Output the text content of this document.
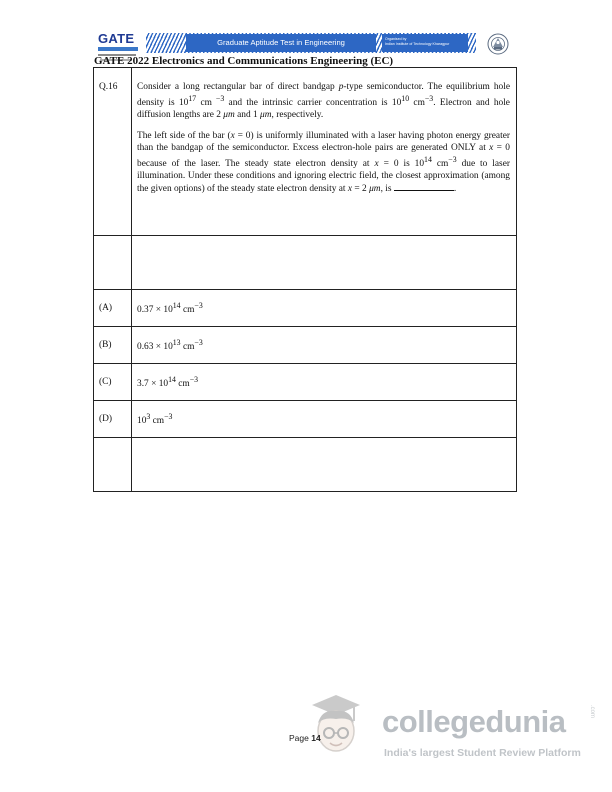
GATE	Graduate Aptitude Test in Engineering	Organised by
Indian Institute of Technology Kharagpur
GATE 2022 Electronics and Communications Engineering (EC)
Q.16	Consider a long rectangular bar of direct bandgap p-type semiconductor. The equilibrium hole density is $10^{17}$ cm $^{-3}$ and the intrinsic carrier concentration is $10^{10}$ $cm^{-3}$. Electron and hole diffusion lengths are 2 μm and 1 μm, respectively.

The left side of the bar (x = 0) is uniformly illuminated with a laser having photon energy greater than the bandgap of the semiconductor. Excess electron-hole pairs are generated ONLY at x = 0 because of the laser. The steady state electron density at x = 0 is $10^{14}$ $cm^{-3}$ due to laser illumination. Under these conditions and ignoring electric field, the closest approximation (among the given options) of the steady state electron density at x = 2 μm, is .

(A)	$0.37 \times 10^{14}$ $cm^{-3}$
(B)	$0.63 \times 10^{13}$ $cm^{-3}$
(C)	$3.7 \times 10^{14}$ $cm^{-3}$
(D)	$10^3$ $cm^{-3}$

Page 14 collegedunia	.com
India's largest Student Review Platform
